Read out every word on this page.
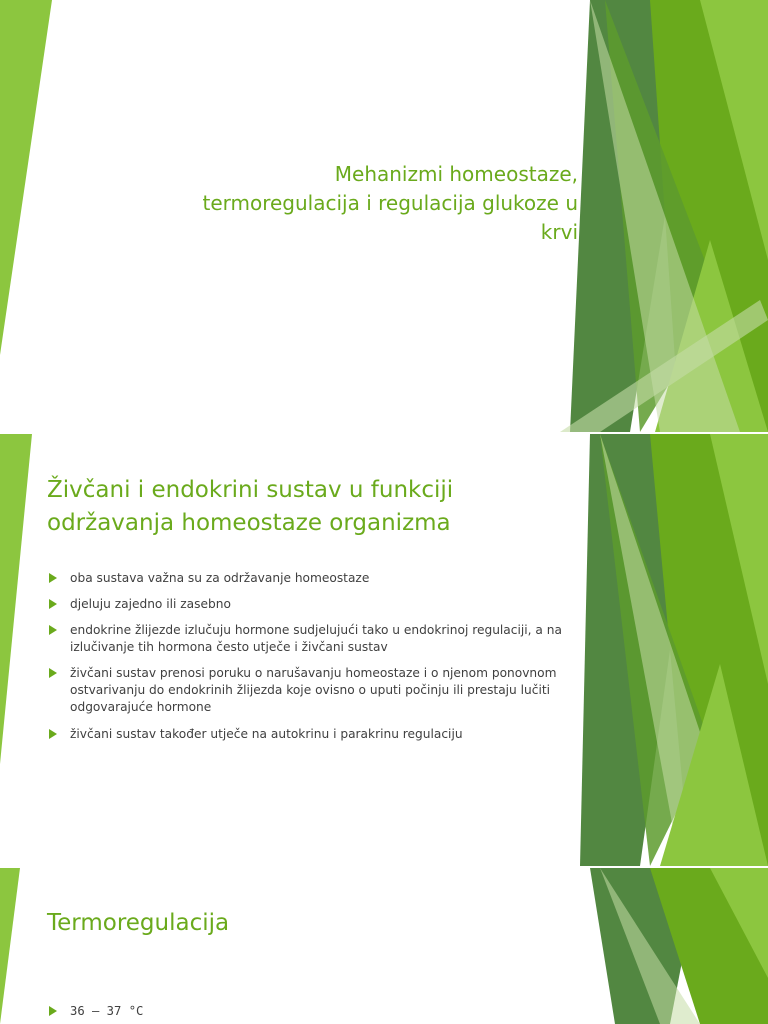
Mehanizmi homeostaze,
termoregulacija i regulacija glukoze u
krvi
Živčani i endokrini sustav u funkciji
održavanja homeostaze organizma
oba sustava važna su za održavanje homeostaze
djeluju zajedno ili zasebno
endokrine žlijezde izlučuju hormone sudjelujući tako u endokrinoj regulaciji, a na izlučivanje tih hormona često utječe i živčani sustav
živčani sustav prenosi poruku o narušavanju homeostaze i o njenom ponovnom ostvarivanju do endokrinih žlijezda koje ovisno o uputi počinju ili prestaju lučiti odgovarajuće hormone
živčani sustav također utječe na autokrinu i parakrinu regulaciju
Termoregulacija
36 – 37 °C
